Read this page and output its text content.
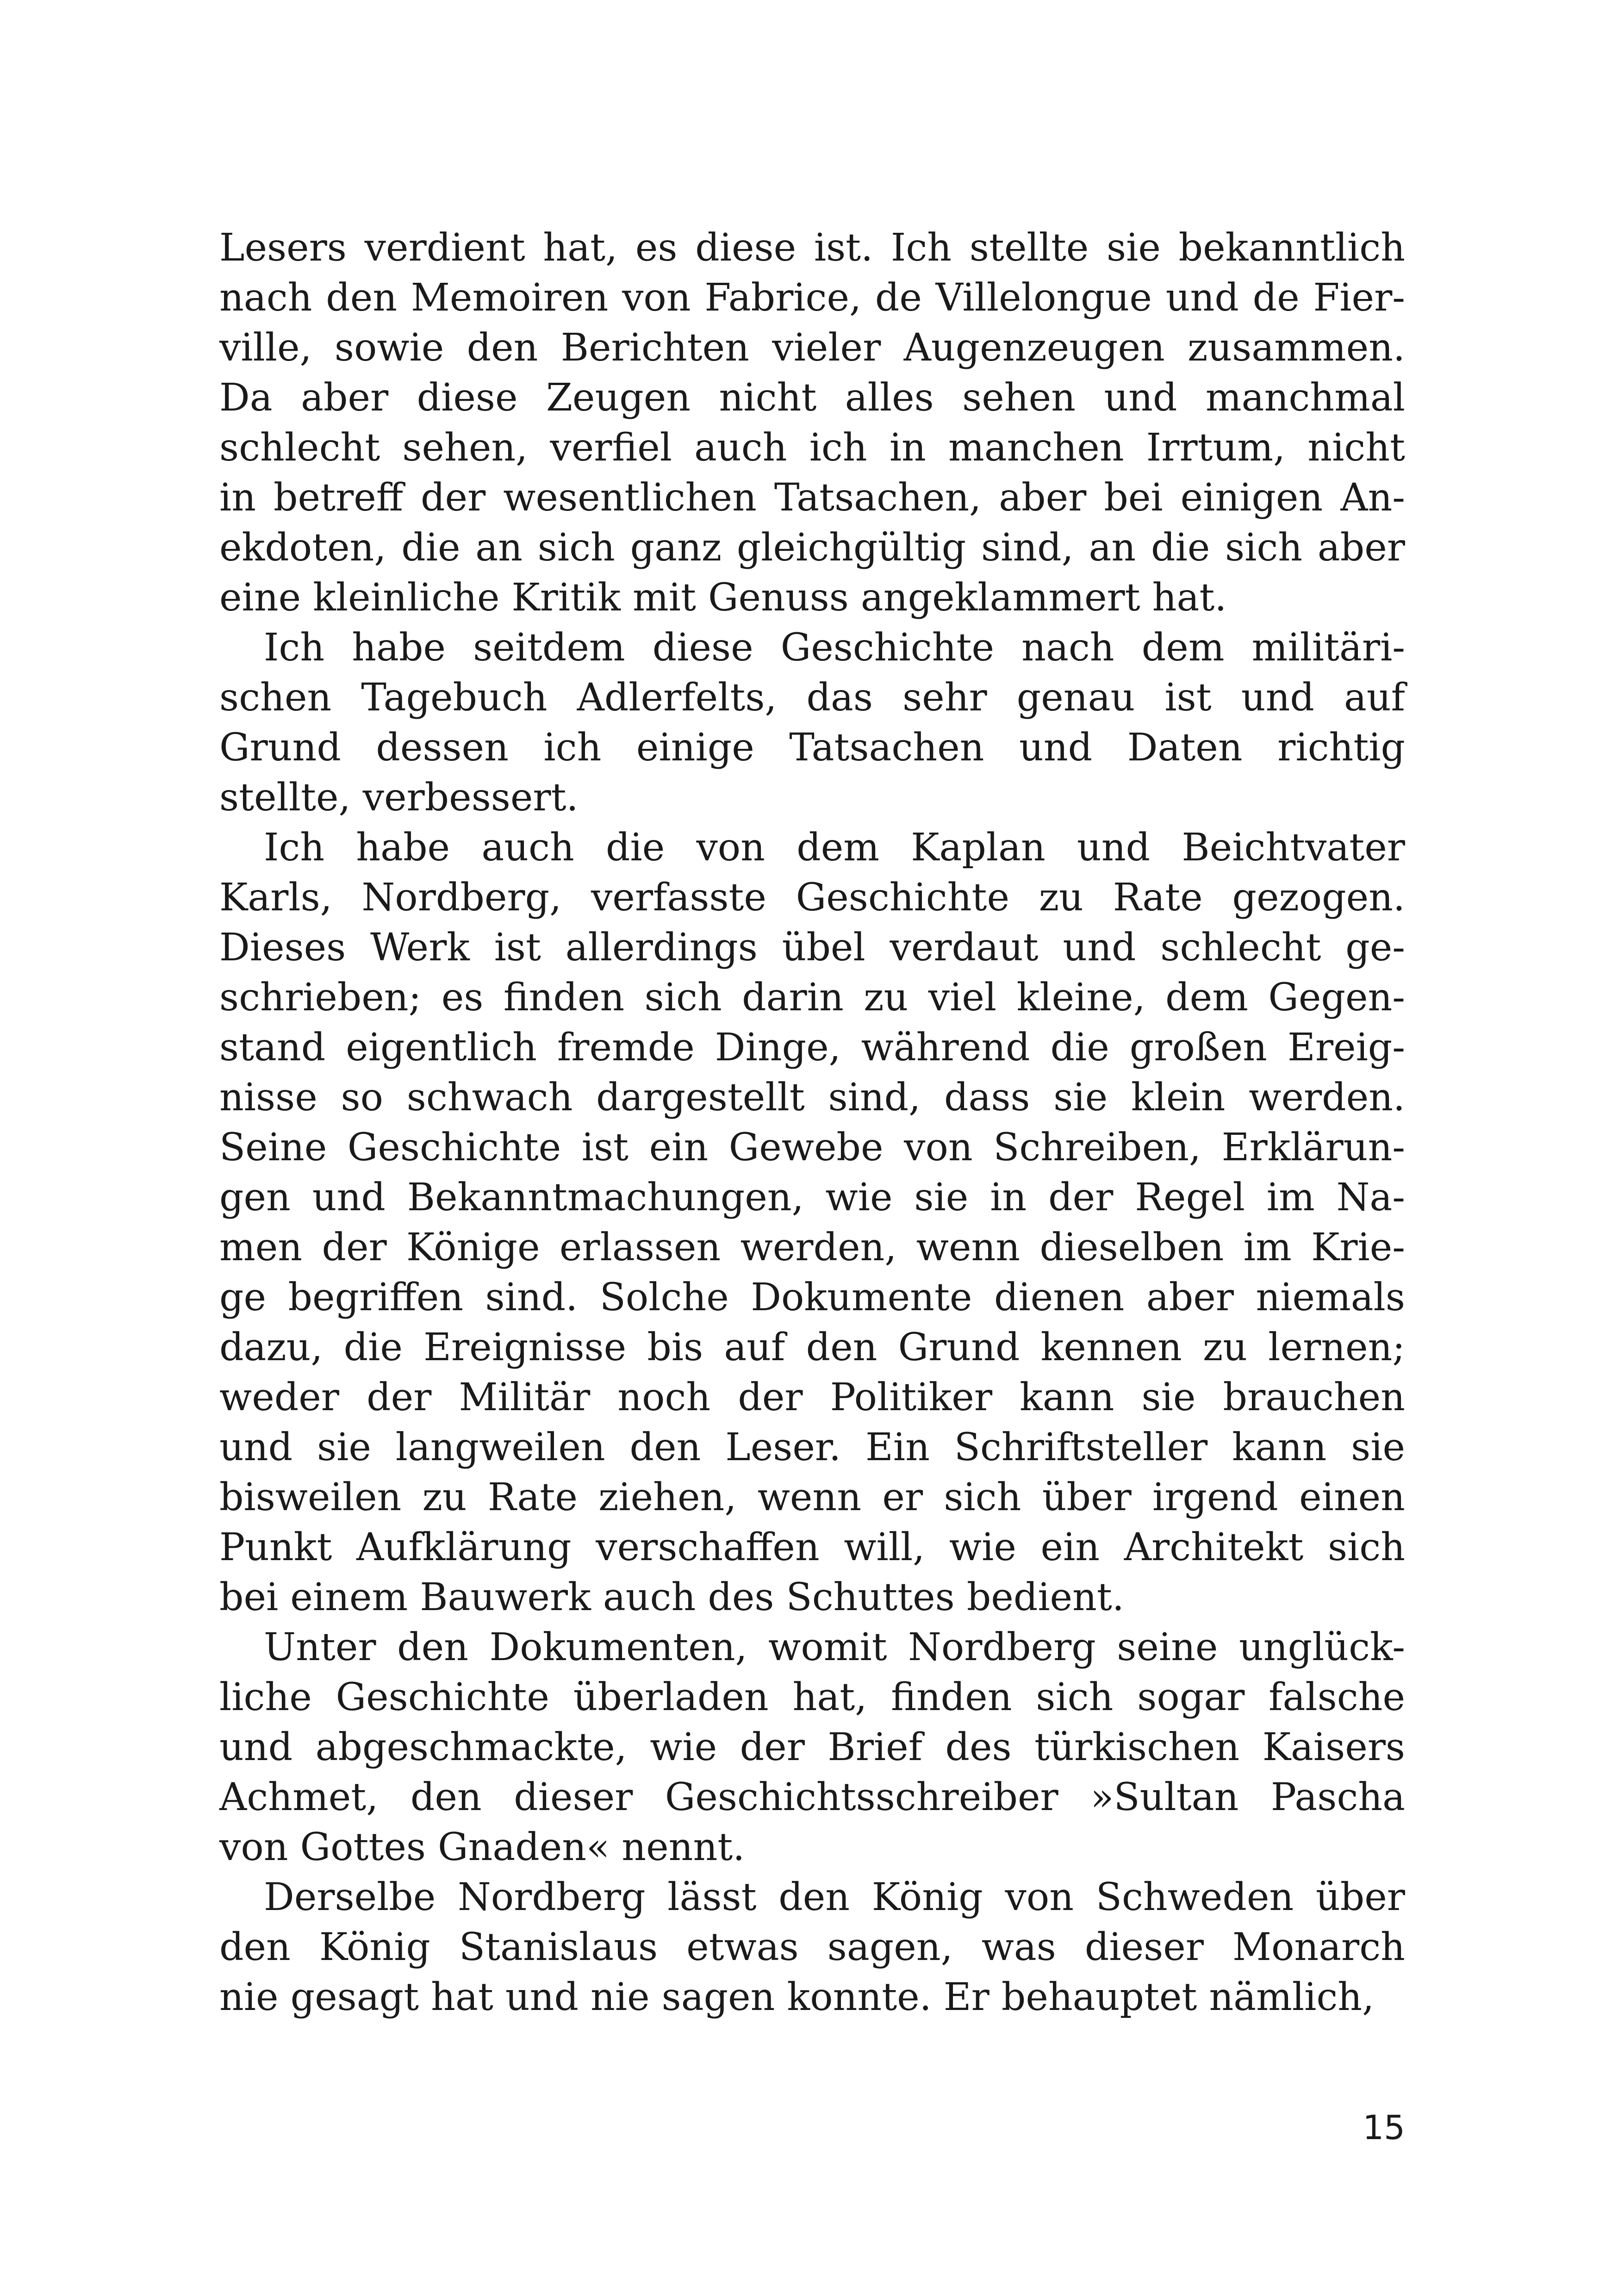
Lesers verdient hat, es diese ist. Ich stellte sie bekanntlich
nach den Memoiren von Fabrice, de Villelongue und de Fier-
ville, sowie den Berichten vieler Augenzeugen zusammen.
Da aber diese Zeugen nicht alles sehen und manchmal
schlecht sehen, verfiel auch ich in manchen Irrtum, nicht
in betreff der wesentlichen Tatsachen, aber bei einigen An-
ekdoten, die an sich ganz gleichgültig sind, an die sich aber
eine kleinliche Kritik mit Genuss angeklammert hat.
Ich habe seitdem diese Geschichte nach dem militäri-
schen Tagebuch Adlerfelts, das sehr genau ist und auf
Grund dessen ich einige Tatsachen und Daten richtig
stellte, verbessert.
Ich habe auch die von dem Kaplan und Beichtvater
Karls, Nordberg, verfasste Geschichte zu Rate gezogen.
Dieses Werk ist allerdings übel verdaut und schlecht ge-
schrieben; es finden sich darin zu viel kleine, dem Gegen-
stand eigentlich fremde Dinge, während die großen Ereig-
nisse so schwach dargestellt sind, dass sie klein werden.
Seine Geschichte ist ein Gewebe von Schreiben, Erklärun-
gen und Bekanntmachungen, wie sie in der Regel im Na-
men der Könige erlassen werden, wenn dieselben im Krie-
ge begriffen sind. Solche Dokumente dienen aber niemals
dazu, die Ereignisse bis auf den Grund kennen zu lernen;
weder der Militär noch der Politiker kann sie brauchen
und sie langweilen den Leser. Ein Schriftsteller kann sie
bisweilen zu Rate ziehen, wenn er sich über irgend einen
Punkt Aufklärung verschaffen will, wie ein Architekt sich
bei einem Bauwerk auch des Schuttes bedient.
Unter den Dokumenten, womit Nordberg seine unglück-
liche Geschichte überladen hat, finden sich sogar falsche
und abgeschmackte, wie der Brief des türkischen Kaisers
Achmet, den dieser Geschichtsschreiber »Sultan Pascha
von Gottes Gnaden« nennt.
Derselbe Nordberg lässt den König von Schweden über
den König Stanislaus etwas sagen, was dieser Monarch
nie gesagt hat und nie sagen konnte. Er behauptet nämlich,
15
